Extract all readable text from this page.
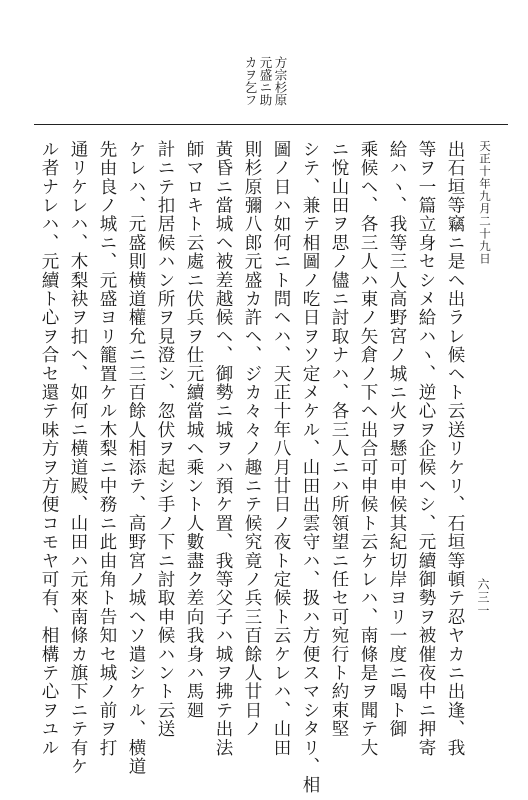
方宗杉原
元盛ニ助
カヲ乞フ
天正十年九月二十九日
六三一
出石垣等竊ニ是ヘ出ラレ候ヘト云送リケリ、石垣等頓テ忍ヤカニ出逢、我
等ヲ一篇立身セシメ給ハヽ、逆心ヲ企候ヘシ、元續御勢ヲ被催夜中ニ押寄
給ハヽ、我等三人高野宮ノ城ニ火ヲ懸可申候其紀切岸ヨリ一度ニ喝ト御
乘候ヘ、各三人ハ東ノ矢倉ノ下ヘ出合可申候ト云ケレハ、南條是ヲ聞テ大
ニ悅山田ヲ思ノ儘ニ討取ナハ、各三人ニハ所領望ニ任セ可宛行ト約束堅
シテ、兼テ相圖ノ吃日ヲソ定メケル、山田出雲守ハ、扱ハ方便スマシタリ、相
圖ノ日ハ如何ニト問ヘハ、天正十年八月廿日ノ夜ト定候ト云ケレハ、山田
則杉原彌八郎元盛カ許ヘ、ジカ々々ノ趣ニテ候究竟ノ兵三百餘人廿日ノ
黃昏ニ當城ヘ被差越候ヘ、御勢ニ城ヲハ預ケ置、我等父子ハ城ヲ拂テ出法
師マロキト云處ニ伏兵ヲ仕元續當城ヘ乘ント人數盡ク差向我身ハ馬廻
計ニテ扣居候ハン所ヲ見澄シ、忽伏ヲ起シ手ノ下ニ討取申候ハント云送
ケレハ、元盛則横道權允ニ三百餘人相添テ、高野宮ノ城ヘソ遣シケル、横道
先由良ノ城ニ、元盛ヨリ籠置ケル木梨ニ中務ニ此由角ト告知セ城ノ前ヲ打
通リケレハ、木梨袂ヲ扣ヘ、如何ニ横道殿、山田ハ元來南條カ旗下ニテ有ケ
ル者ナレハ、元續ト心ヲ合セ還テ味方ヲ方便コモヤ可有、相構テ心ヲユル
